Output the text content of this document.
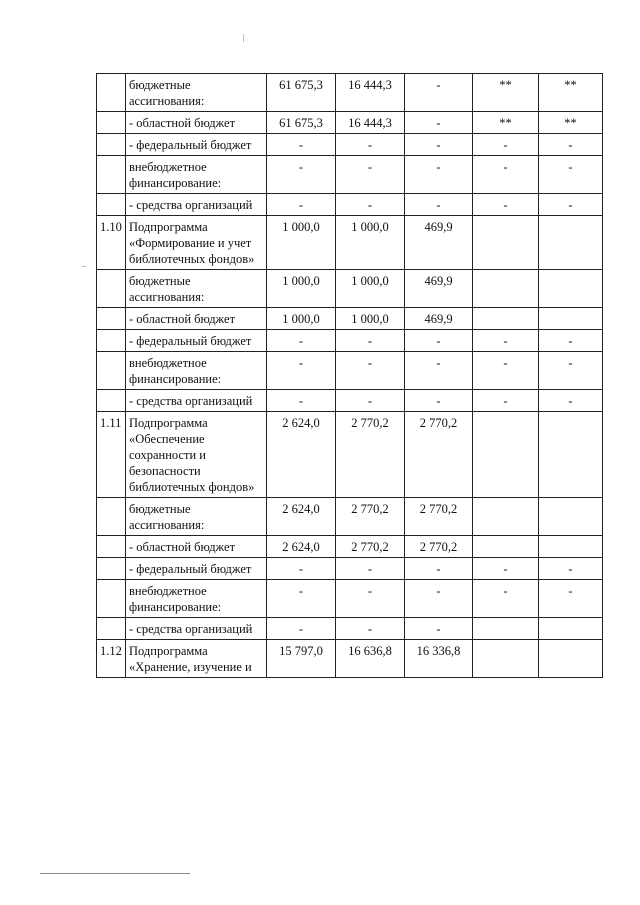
	бюджетные ассигнования:	61 675,3	16 444,3	-	**	**
	- областной бюджет	61 675,3	16 444,3	-	**	**
	- федеральный бюджет	-	-	-	-	-
	внебюджетное финансирование:	-	-	-	-	-
	- средства организаций	-	-	-	-	-
1.10	Подпрограмма «Формирование и учет библиотечных фондов»	1 000,0	1 000,0	469,9		
	бюджетные ассигнования:	1 000,0	1 000,0	469,9		
	- областной бюджет	1 000,0	1 000,0	469,9		
	- федеральный бюджет	-	-	-	-	-
	внебюджетное финансирование:	-	-	-	-	-
	- средства организаций	-	-	-	-	-
1.11	Подпрограмма «Обеспечение сохранности и безопасности библиотечных фондов»	2 624,0	2 770,2	2 770,2		
	бюджетные ассигнования:	2 624,0	2 770,2	2 770,2		
	- областной бюджет	2 624,0	2 770,2	2 770,2		
	- федеральный бюджет	-	-	-	-	-
	внебюджетное финансирование:	-	-	-	-	-
	- средства организаций	-	-	-		
1.12	Подпрограмма «Хранение, изучение и	15 797,0	16 636,8	16 336,8		
